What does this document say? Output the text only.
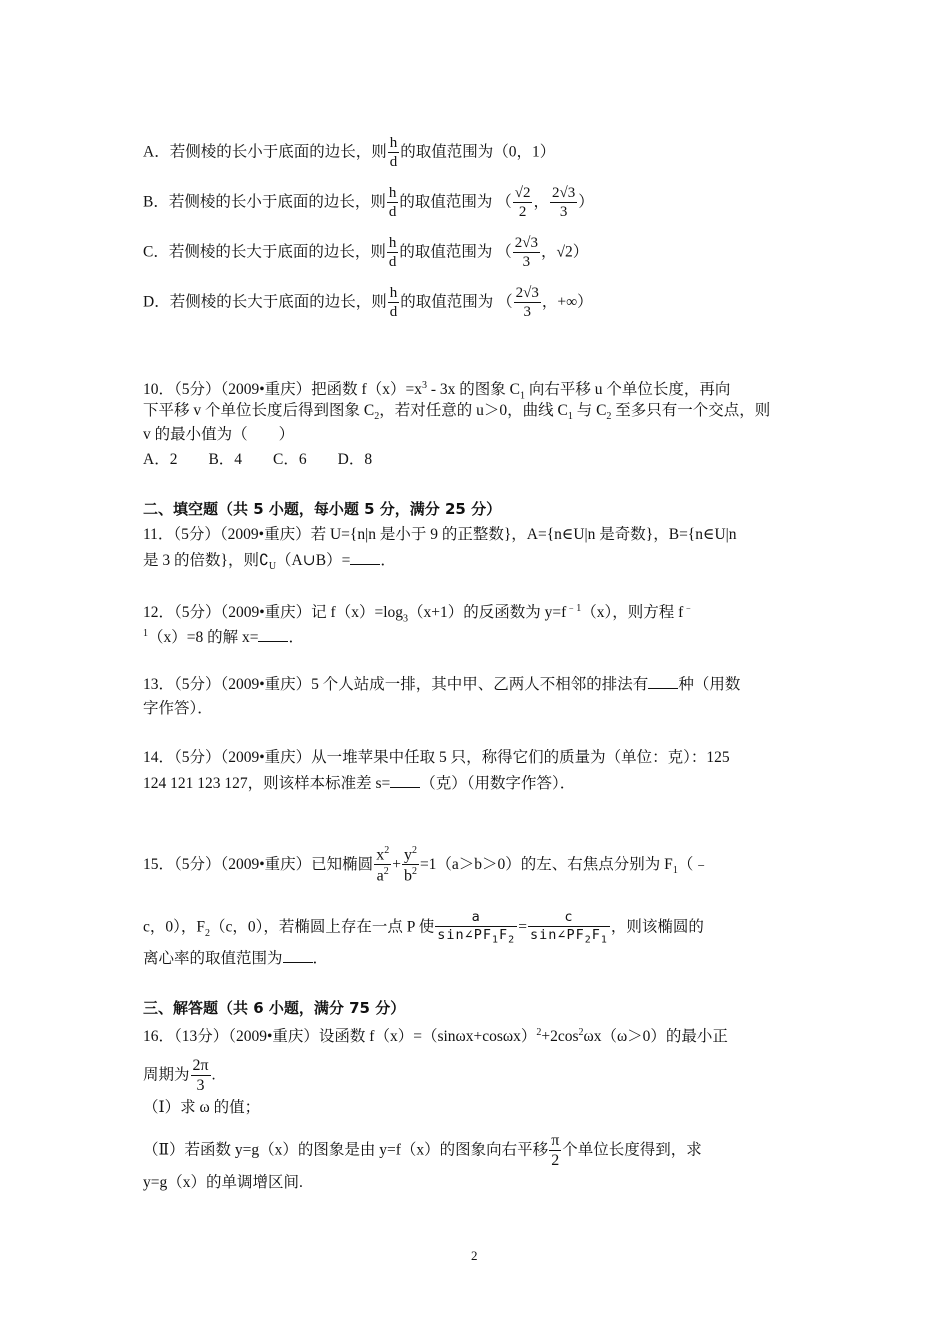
A．若侧棱的长小于底面的边长，则 $\frac{h}{d}$ 的取值范围为（0，1）
B．若侧棱的长小于底面的边长，则 $\frac{h}{d}$ 的取值范围为 （ $\frac{√2}{2}$ ， $\frac{2√3}{3}$ ）
C．若侧棱的长大于底面的边长，则 $\frac{h}{d}$ 的取值范围为 （ $\frac{2√3}{3}$ ，√2）
D．若侧棱的长大于底面的边长，则 $\frac{h}{d}$ 的取值范围为 （ $\frac{2√3}{3}$ ，+∞）
10．（5分）（2009•重庆）把函数 $f(x)=x^3 - 3x$ 的图象 $C_1$ 向右平移 u 个单位长度，再向
下平移 v 个单位长度后得到图象 $C_2$，若对任意的 u＞0，曲线 $C_1$ 与 $C_2$ 至多只有一个交点，则
v 的最小值为（　　）
A．2　　B．4　　C．6　　D．8
二、填空题（共 5 小题，每小题 5 分，满分 25 分）
11．（5分）（2009•重庆）若 U={n|n 是小于 9 的正整数}，A={n∈U|n 是奇数}，B={n∈U|n
是 3 的倍数}，则$∁_U(A\cup B)=$ ．
12．（5分）（2009•重庆）记 $f(x)=\log_3(x+1)$的反函数为 $y=f^{﹣1}(x)$，则方程 f﹣
$^1$（x）=8 的解 x= ．
13．（5分）（2009•重庆）5 个人站成一排，其中甲、乙两人不相邻的排法有 种（用数
字作答）．
14．（5分）（2009•重庆）从一堆苹果中任取 5 只，称得它们的质量为（单位：克）：125
124 121 123 127，则该样本标准差 s= （克）（用数字作答）．
15．（5分）（2009•重庆）已知椭圆 $\frac{x^2}{a^2} + \frac{y^2}{b^2} =1(a>b>0)$的左、右焦点分别为 $F_1(﹣$
c，0），$F_2(c$，0），若椭圆上存在一点 P 使 $\frac{a}{\sin\angle PF_1F_2} = \frac{c}{\sin\angle PF_2F_1}$ ，则该椭圆的
离心率的取值范围为 ．
三、解答题（共 6 小题，满分 75 分）
16．（13分）（2009•重庆）设函数 $f(x)=(\sin\omega x+\cos\omega x)^2+2\cos^2\omega x(\omega>0)$的最小正
周期为 $\frac{2\pi}{3}$ .
（Ⅰ）求 ω 的值；
（Ⅱ）若函数 y=g（x）的图象是由 y=f（x）的图象向右平移 $\frac{\pi}{2}$ 个单位长度得到，求
y=g（x）的单调增区间.
2
